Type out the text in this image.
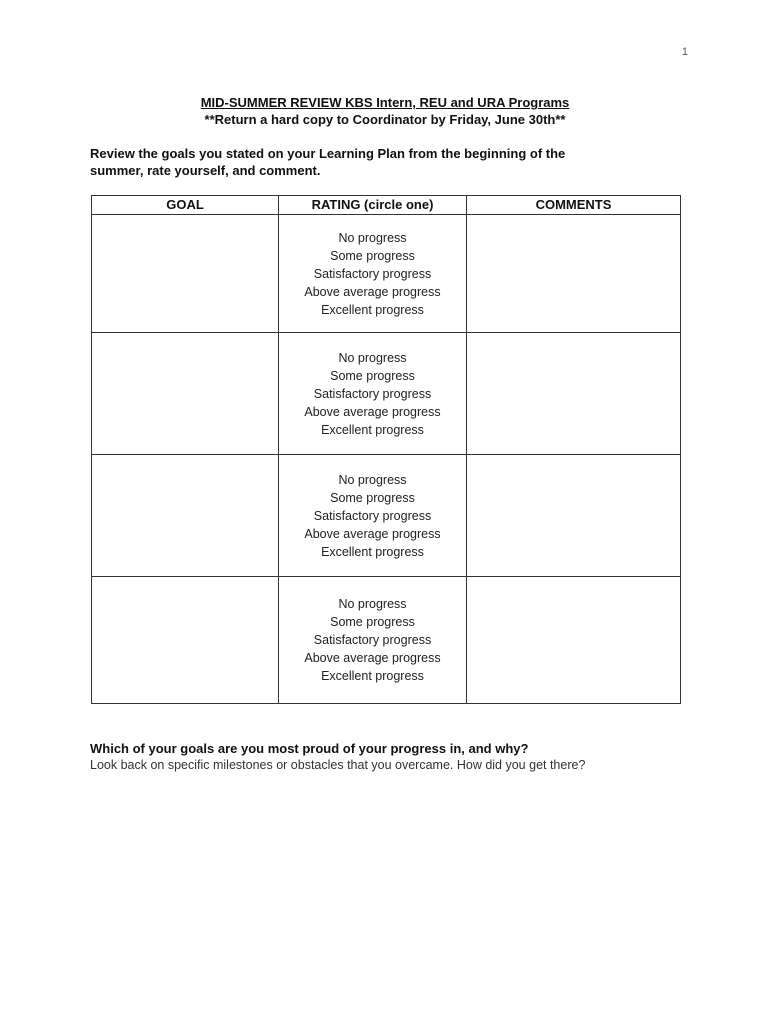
1
MID-SUMMER REVIEW KBS Intern, REU and URA Programs
**Return a hard copy to Coordinator by Friday, June 30th**
Review the goals you stated on your Learning Plan from the beginning of the
summer, rate yourself, and comment.
GOAL	RATING (circle one)	COMMENTS

	No progress
Some progress
Satisfactory progress
Above average progress
Excellent progress	

	No progress
Some progress
Satisfactory progress
Above average progress
Excellent progress	

	No progress
Some progress
Satisfactory progress
Above average progress
Excellent progress	

	No progress
Some progress
Satisfactory progress
Above average progress
Excellent progress	

Which of your goals are you most proud of your progress in, and why?
Look back on specific milestones or obstacles that you overcame. How did you get there?
